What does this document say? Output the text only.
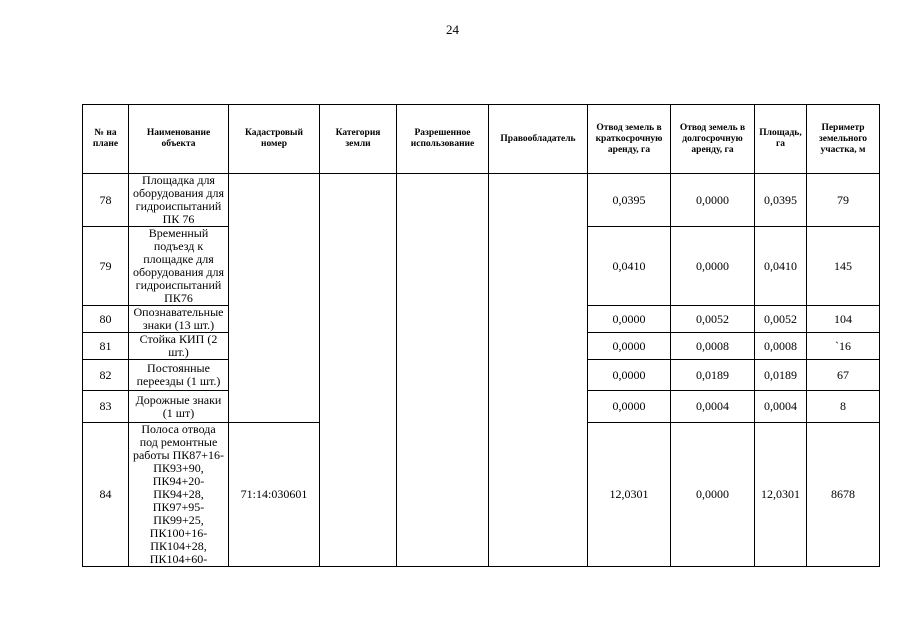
24
№ на плане	Наименование объекта	Кадастровый номер	Категория земли	Разрешенное использование	Правообладатель	Отвод земель в краткосрочную аренду, га	Отвод земель в долгосрочную аренду, га	Площадь, га	Периметр земельного участка, м
78	Площадка для оборудования для гидроиспытаний ПК 76					0,0395	0,0000	0,0395	79
79	Временный подъезд к площадке для оборудования для гидроиспытаний ПК76					0,0410	0,0000	0,0410	145
80	Опознавательные знаки (13 шт.)					0,0000	0,0052	0,0052	104
81	Стойка КИП (2 шт.)					0,0000	0,0008	0,0008	`16
82	Постоянные переезды (1 шт.)					0,0000	0,0189	0,0189	67
83	Дорожные знаки (1 шт)					0,0000	0,0004	0,0004	8
84	Полоса отвода под ремонтные работы ПК87+16-ПК93+90, ПК94+20-ПК94+28, ПК97+95-ПК99+25, ПК100+16-ПК104+28, ПК104+60-	71:14:030601				12,0301	0,0000	12,0301	8678
